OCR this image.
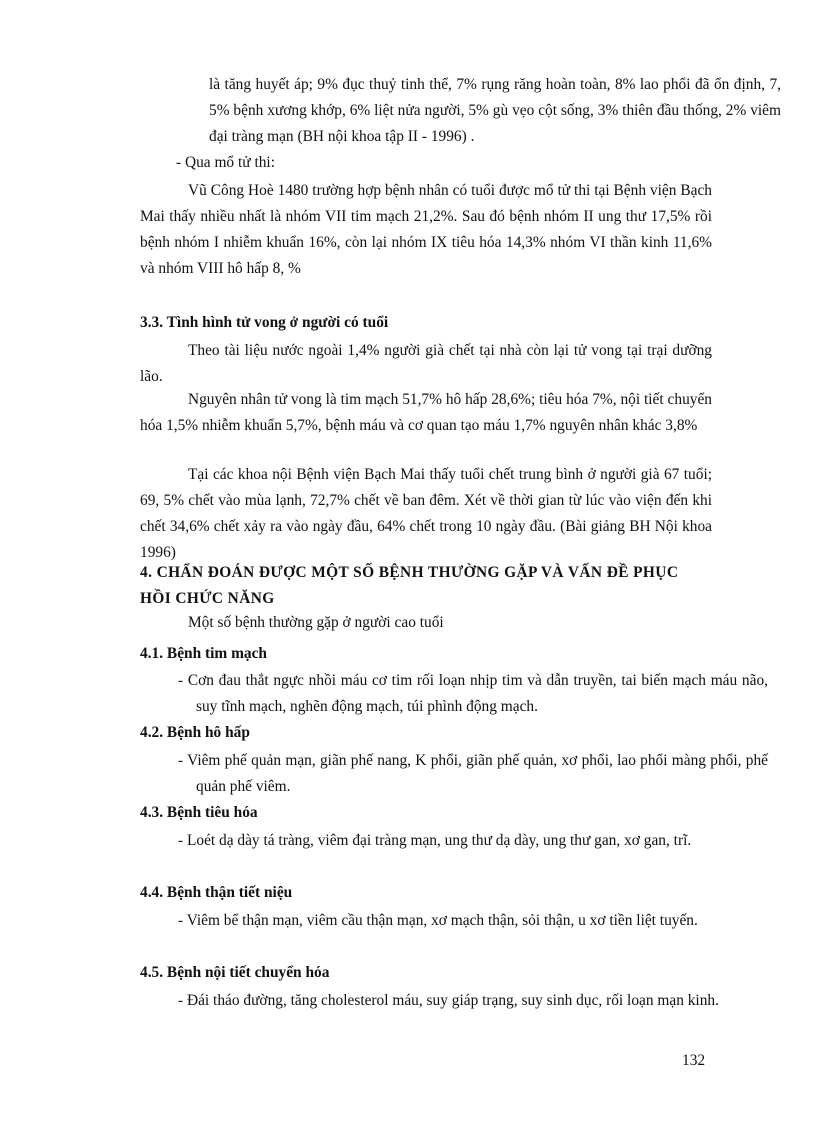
là tăng huyết áp; 9% đục thuỷ tinh thể, 7% rụng răng hoàn toàn, 8% lao phổi đã ổn định, 7, 5% bệnh xương khớp, 6% liệt nửa người, 5% gù vẹo cột sống, 3% thiên đầu thống, 2% viêm đại tràng mạn (BH nội khoa tập II - 1996) .
- Qua mổ tử thi:
Vũ Công Hoè 1480 trường hợp bệnh nhân có tuổi được mổ tử thi tại Bệnh viện Bạch Mai thấy nhiều nhất là nhóm VII tim mạch 21,2%. Sau đó bệnh nhóm II ung thư 17,5% rồi bệnh nhóm I nhiễm khuẩn 16%, còn lại nhóm IX tiêu hóa 14,3% nhóm VI thần kinh 11,6% và nhóm VIII hô hấp 8, %
3.3. Tình hình tử vong ở người có tuổi
Theo tài liệu nước ngoài 1,4% người già chết tại nhà còn lại tử vong tại trại dưỡng lão.
Nguyên nhân tử vong là tim mạch 51,7% hô hấp 28,6%; tiêu hóa 7%, nội tiết chuyển hóa 1,5% nhiễm khuẩn 5,7%, bệnh máu và cơ quan tạo máu 1,7% nguyên nhân khác 3,8%
Tại các khoa nội Bệnh viện Bạch Mai thấy tuổi chết trung bình ở người già 67 tuổi; 69, 5% chết vào mùa lạnh, 72,7% chết về ban đêm. Xét về thời gian từ lúc vào viện đến khi chết 34,6% chết xảy ra vào ngày đầu, 64% chết trong 10 ngày đầu. (Bài giảng BH Nội khoa 1996)
4. CHẨN ĐOÁN ĐƯỢC MỘT SỐ BỆNH THƯỜNG GẶP VÀ VẤN ĐỀ PHỤC HỒI CHỨC NĂNG
Một số bệnh thường gặp ở người cao tuổi
4.1. Bệnh tim mạch
- Cơn đau thắt ngực nhồi máu cơ tim rối loạn nhịp tim và dẫn truyền, tai biến mạch máu não, suy tĩnh mạch, nghẽn động mạch, túi phình động mạch.
4.2. Bệnh hô hấp
- Viêm phế quản mạn, giãn phế nang, K phổi, giãn phế quản, xơ phổi, lao phổi màng phổi, phế quản phế viêm.
4.3. Bệnh tiêu hóa
- Loét dạ dày tá tràng, viêm đại tràng mạn, ung thư dạ dày, ung thư gan, xơ gan, trĩ.
4.4. Bệnh thận tiết niệu
- Viêm bể thận mạn, viêm cầu thận mạn, xơ mạch thận, sỏi thận, u xơ tiền liệt tuyến.
4.5. Bệnh nội tiết chuyển hóa
- Đái tháo đường, tăng cholesterol máu, suy giáp trạng, suy sinh dục, rối loạn mạn kinh.
132
